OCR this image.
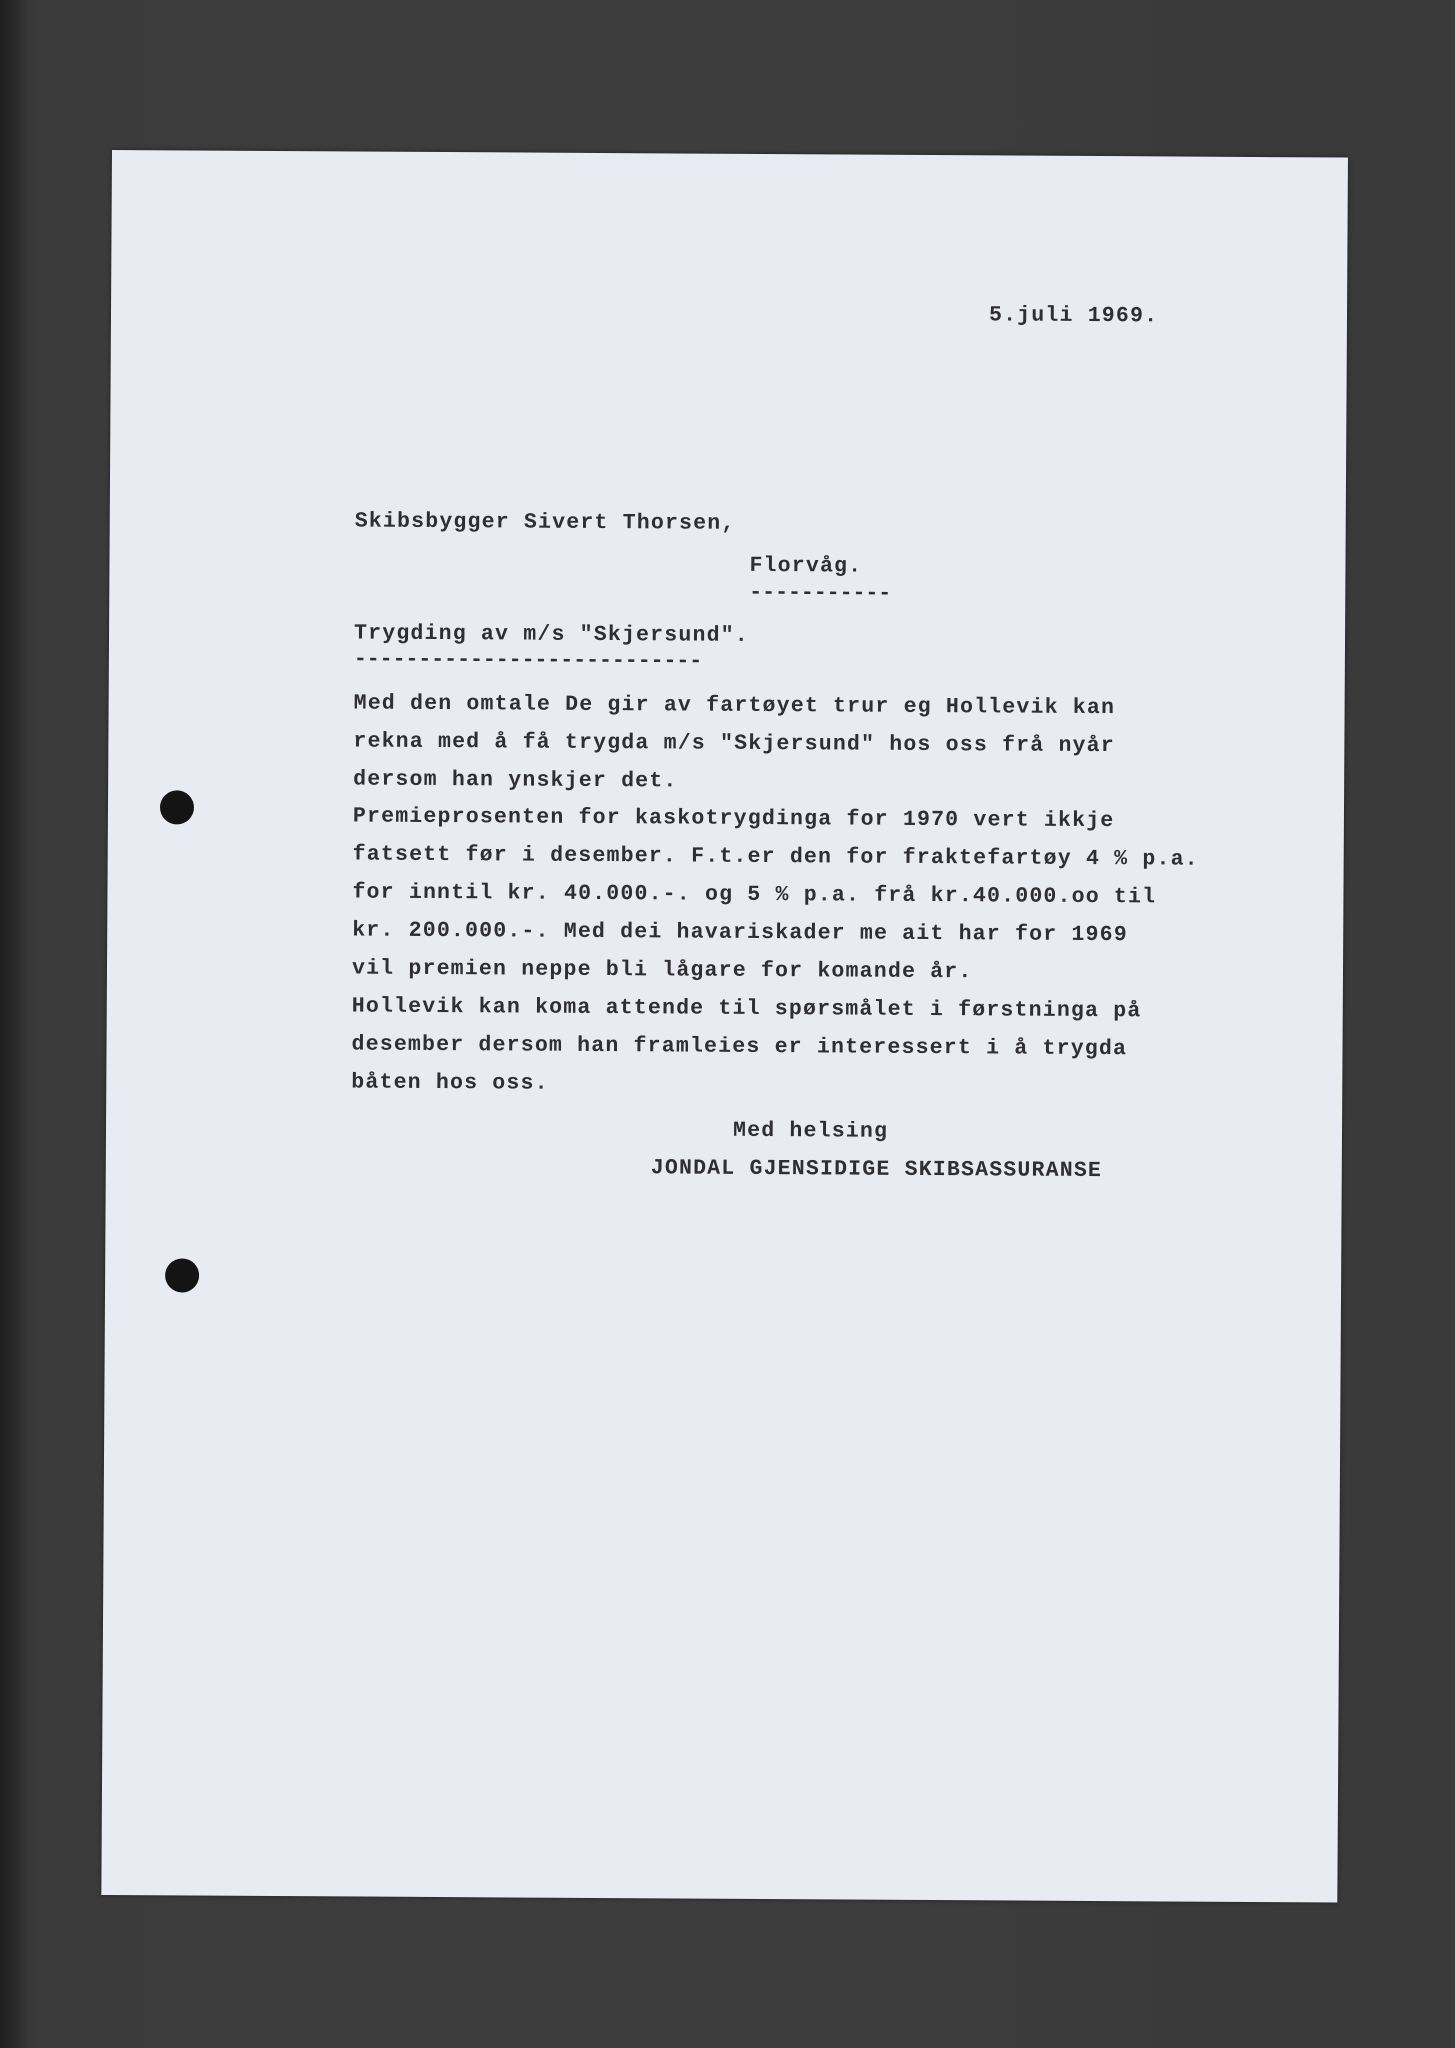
5.juli 1969.
Skibsbygger Sivert Thorsen,
Florvåg.
-----------
Trygding av m/s "Skjersund".
---------------------------
Med den omtale De gir av fartøyet trur eg Hollevik kan
rekna med å få trygda m/s "Skjersund" hos oss frå nyår
dersom han ynskjer det.
Premieprosenten for kaskotrygdinga for 1970 vert ikkje
fatsett før i desember. F.t.er den for fraktefartøy 4 % p.a.
for inntil kr. 40.000.-. og 5 % p.a. frå kr.40.000.oo til
kr. 200.000.-. Med dei havariskader me ait har for 1969
vil premien neppe bli lågare for komande år.
Hollevik kan koma attende til spørsmålet i førstninga på
desember dersom han framleies er interessert i å trygda
båten hos oss.
Med helsing
JONDAL GJENSIDIGE SKIBSASSURANSE
